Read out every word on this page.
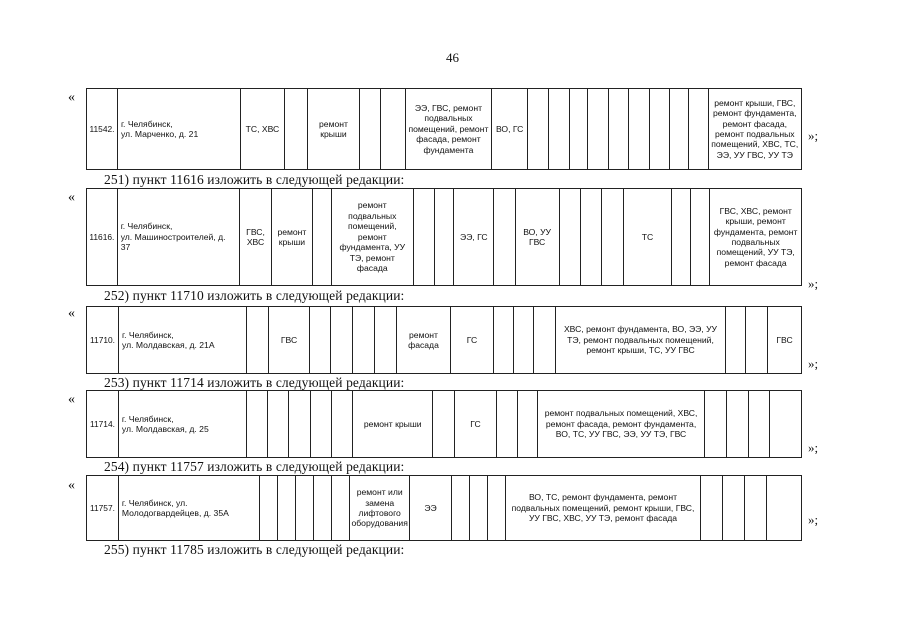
46
«
11542.
г. Челябинск,
ул. Марченко, д. 21
ТС, ХВС
ремонт крыши
ЭЭ, ГВС, ремонт подвальных помещений, ремонт фасада, ремонт фундамента
ВО, ГС
ремонт крыши, ГВС, ремонт фундамента, ремонт фасада, ремонт подвальных помещений, ХВС, ТС, ЭЭ, УУ ГВС, УУ ТЭ
»;
251) пункт 11616 изложить в следующей редакции:
«
11616.
г. Челябинск,
ул. Машиностроителей, д. 37
ГВС, ХВС
ремонт крыши
ремонт подвальных помещений, ремонт фундамента, УУ ТЭ, ремонт фасада
ЭЭ, ГС
ВО, УУ ГВС
ТС
ГВС, ХВС, ремонт крыши, ремонт фундамента, ремонт подвальных помещений, УУ ТЭ, ремонт фасада
»;
252) пункт 11710 изложить в следующей редакции:
«
11710.
г. Челябинск,
ул. Молдавская, д. 21А
ГВС
ремонт фасада
ГС
ХВС, ремонт фундамента, ВО, ЭЭ, УУ ТЭ, ремонт подвальных помещений, ремонт крыши, ТС, УУ ГВС
ГВС
»;
253) пункт 11714 изложить в следующей редакции:
«
11714.
г. Челябинск,
ул. Молдавская, д. 25
ремонт крыши	ГС
ремонт подвальных помещений, ХВС, ремонт фасада, ремонт фундамента, ВО, ТС, УУ ГВС, ЭЭ, УУ ТЭ, ГВС
»;
254) пункт 11757 изложить в следующей редакции:
«
11757.
г. Челябинск, ул.
Молодогвардейцев, д. 35А
ремонт или замена лифтового оборудования
ЭЭ
ВО, ТС, ремонт фундамента, ремонт подвальных помещений, ремонт крыши, ГВС, УУ ГВС, ХВС, УУ ТЭ, ремонт фасада	»;
255) пункт 11785 изложить в следующей редакции:
